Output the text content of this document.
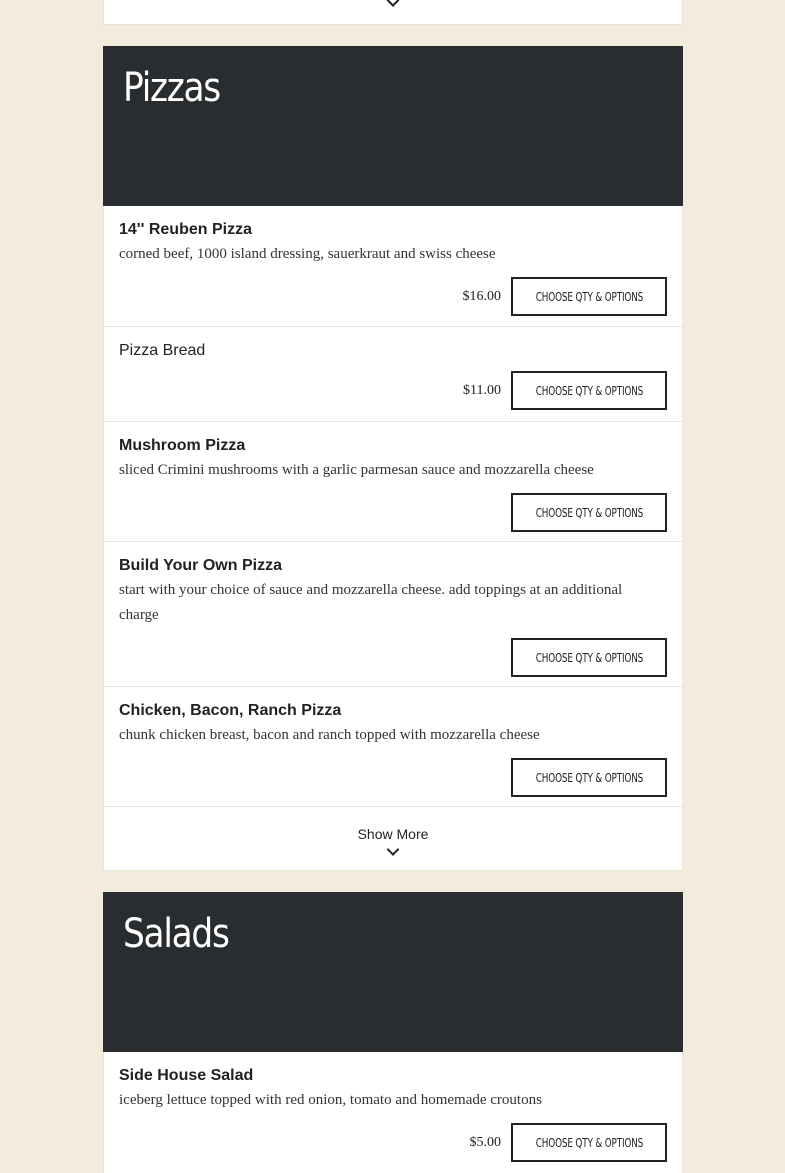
Pizzas

14'' Reuben Pizza

corned beef, 1000 island dressing, sauerkraut and swiss cheese

$16.00	CHOOSE QTY & OPTIONS

Pizza Bread

$11.00	CHOOSE QTY & OPTIONS

Mushroom Pizza

sliced Crimini mushrooms with a garlic parmesan sauce and mozzarella cheese

CHOOSE QTY & OPTIONS

Build Your Own Pizza

start with your choice of sauce and mozzarella cheese. add toppings at an additional charge

CHOOSE QTY & OPTIONS

Chicken, Bacon, Ranch Pizza

chunk chicken breast, bacon and ranch topped with mozzarella cheese

CHOOSE QTY & OPTIONS
Show More
Salads

Side House Salad

iceberg lettuce topped with red onion, tomato and homemade croutons

$5.00	CHOOSE QTY & OPTIONS
